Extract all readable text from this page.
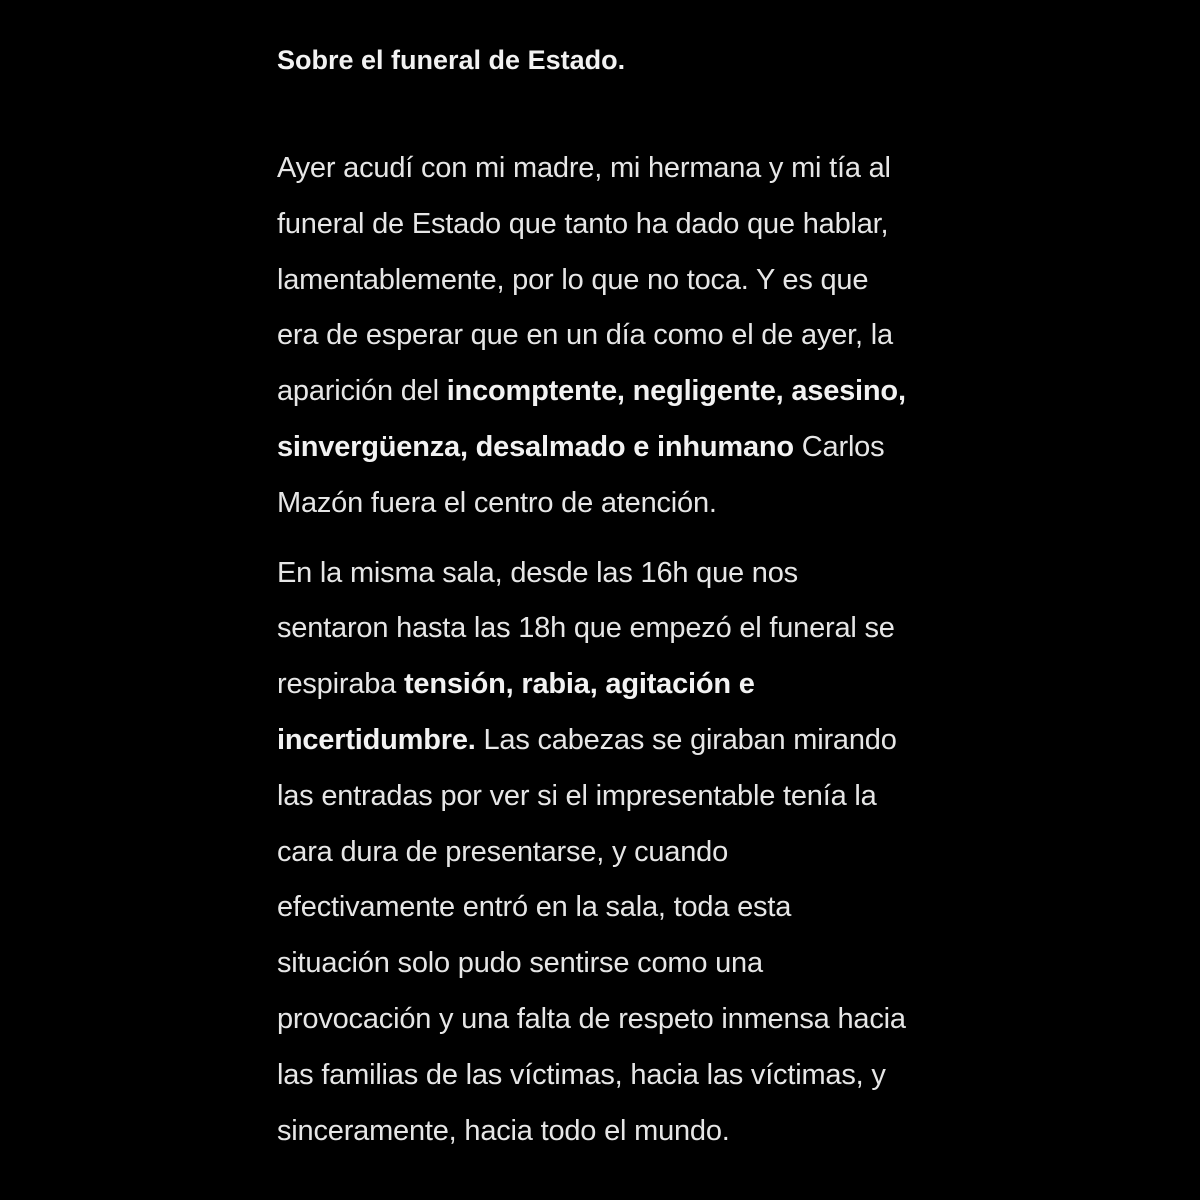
Sobre el funeral de Estado.

Ayer acudí con mi madre, mi hermana y mi tía al
funeral de Estado que tanto ha dado que hablar,
lamentablemente, por lo que no toca. Y es que
era de esperar que en un día como el de ayer, la
aparición del incomptente, negligente, asesino,
sinvergüenza, desalmado e inhumano Carlos
Mazón fuera el centro de atención.

En la misma sala, desde las 16h que nos
sentaron hasta las 18h que empezó el funeral se
respiraba tensión, rabia, agitación e
incertidumbre. Las cabezas se giraban mirando
las entradas por ver si el impresentable tenía la
cara dura de presentarse, y cuando
efectivamente entró en la sala, toda esta
situación solo pudo sentirse como una
provocación y una falta de respeto inmensa hacia
las familias de las víctimas, hacia las víctimas, y
sinceramente, hacia todo el mundo.
